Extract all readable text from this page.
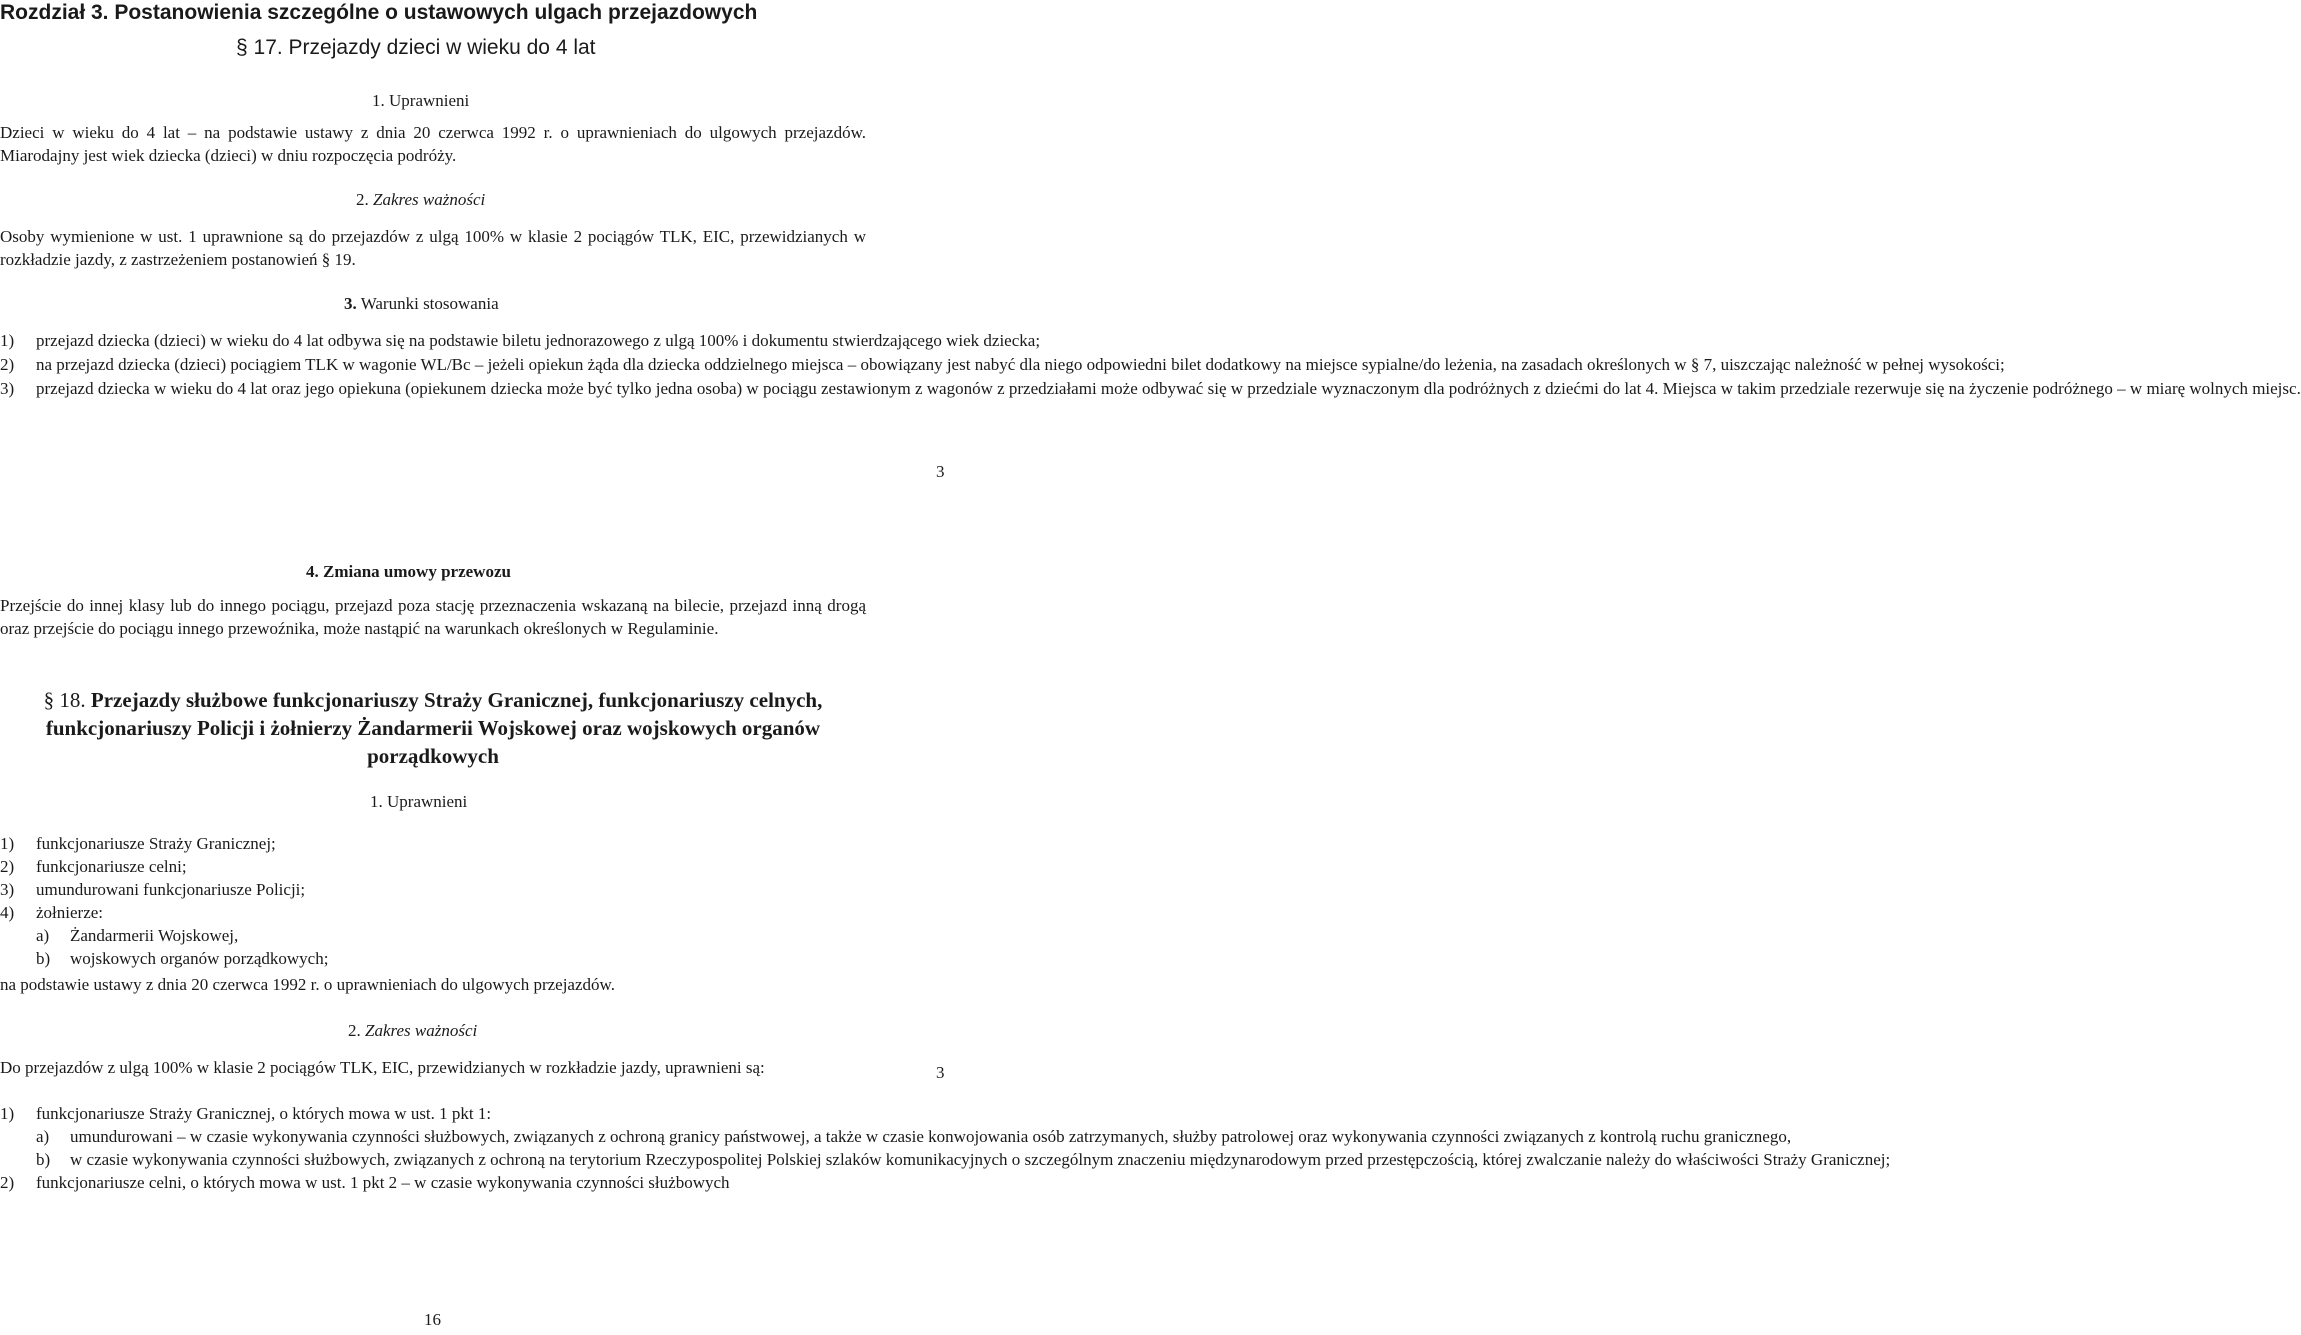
Rozdział 3. Postanowienia szczególne o ustawowych ulgach przejazdowych
§ 17. Przejazdy dzieci w wieku do 4 lat
1. Uprawnieni
Dzieci w wieku do 4 lat – na podstawie ustawy z dnia 20 czerwca 1992 r. o uprawnieniach do ulgowych przejazdów. Miarodajny jest wiek dziecka (dzieci) w dniu rozpoczęcia podróży.
2. Zakres ważności
Osoby wymienione w ust. 1 uprawnione są do przejazdów z ulgą 100% w klasie 2 pociągów TLK, EIC, przewidzianych w rozkładzie jazdy, z zastrzeżeniem postanowień § 19.
3. Warunki stosowania
1)	przejazd dziecka (dzieci) w wieku do 4 lat odbywa się na podstawie biletu jednorazowego z ulgą 100% i dokumentu stwierdzającego wiek dziecka;
2)	na przejazd dziecka (dzieci) pociągiem TLK w wagonie WL/Bc – jeżeli opiekun żąda dla dziecka oddzielnego miejsca – obowiązany jest nabyć dla niego odpowiedni bilet dodatkowy na miejsce sypialne/do leżenia, na zasadach określonych w § 7, uiszczając należność w pełnej wysokości;
3)	przejazd dziecka w wieku do 4 lat oraz jego opiekuna (opiekunem dziecka może być tylko jedna osoba) w pociągu zestawionym z wagonów z przedziałami może odbywać się w przedziale wyznaczonym dla podróżnych z dziećmi do lat 4. Miejsca w takim przedziale rezerwuje się na życzenie podróżnego – w miarę wolnych miejsc.
4. Zmiana umowy przewozu
Przejście do innej klasy lub do innego pociągu, przejazd poza stację przeznaczenia wskazaną na bilecie, przejazd inną drogą oraz przejście do pociągu innego przewoźnika, może nastąpić na warunkach określonych w Regulaminie.
§ 18. Przejazdy służbowe funkcjonariuszy Straży Granicznej, funkcjonariuszy celnych, funkcjonariuszy Policji i żołnierzy Żandarmerii Wojskowej oraz wojskowych organów porządkowych
1. Uprawnieni
1)	funkcjonariusze Straży Granicznej;
2)	funkcjonariusze celni;
3)	umundurowani funkcjonariusze Policji;
4)	żołnierze:
a)	Żandarmerii Wojskowej,
b)	wojskowych organów porządkowych;
na podstawie ustawy z dnia 20 czerwca 1992 r. o uprawnieniach do ulgowych przejazdów.
2. Zakres ważności
Do przejazdów z ulgą 100% w klasie 2 pociągów TLK, EIC, przewidzianych w rozkładzie jazdy, uprawnieni są:
1)	funkcjonariusze Straży Granicznej, o których mowa w ust. 1 pkt 1:
a)	umundurowani – w czasie wykonywania czynności służbowych, związanych z ochroną granicy państwowej, a także w czasie konwojowania osób zatrzymanych, służby patrolowej oraz wykonywania czynności związanych z kontrolą ruchu granicznego,
b)	w czasie wykonywania czynności służbowych, związanych z ochroną na terytorium Rzeczypospolitej Polskiej szlaków komunikacyjnych o szczególnym znaczeniu międzynarodowym przed przestępczością, której zwalczanie należy do właściwości Straży Granicznej;
2)	funkcjonariusze celni, o których mowa w ust. 1 pkt 2 – w czasie wykonywania czynności służbowych
3
3
16
